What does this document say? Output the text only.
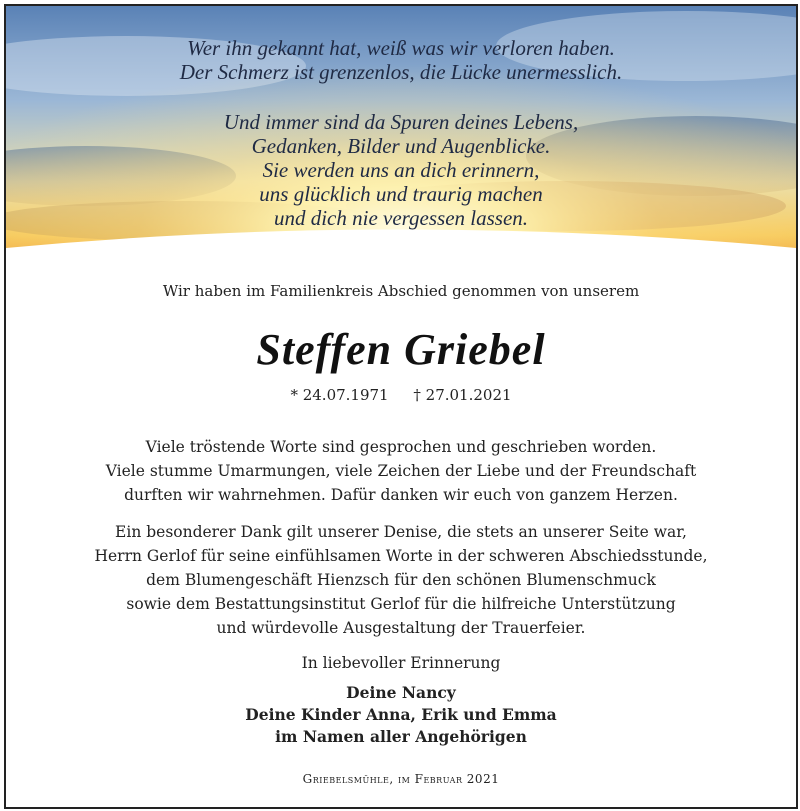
Wer ihn gekannt hat, weiß was wir verloren haben.
Der Schmerz ist grenzenlos, die Lücke unermesslich.
Und immer sind da Spuren deines Lebens,
Gedanken, Bilder und Augenblicke.
Sie werden uns an dich erinnern,
uns glücklich und traurig machen
und dich nie vergessen lassen.
Wir haben im Familienkreis Abschied genommen von unserem
Steffen Griebel
* 24.07.1971 † 27.01.2021
Viele tröstende Worte sind gesprochen und geschrieben worden.
Viele stumme Umarmungen, viele Zeichen der Liebe und der Freundschaft
durften wir wahrnehmen. Dafür danken wir euch von ganzem Herzen.
Ein besonderer Dank gilt unserer Denise, die stets an unserer Seite war,
Herrn Gerlof für seine einfühlsamen Worte in der schweren Abschiedsstunde,
dem Blumengeschäft Hienzsch für den schönen Blumenschmuck
sowie dem Bestattungsinstitut Gerlof für die hilfreiche Unterstützung
und würdevolle Ausgestaltung der Trauerfeier.
In liebevoller Erinnerung
Deine Nancy
Deine Kinder Anna, Erik und Emma
im Namen aller Angehörigen
Griebelsmühle, im Februar 2021
